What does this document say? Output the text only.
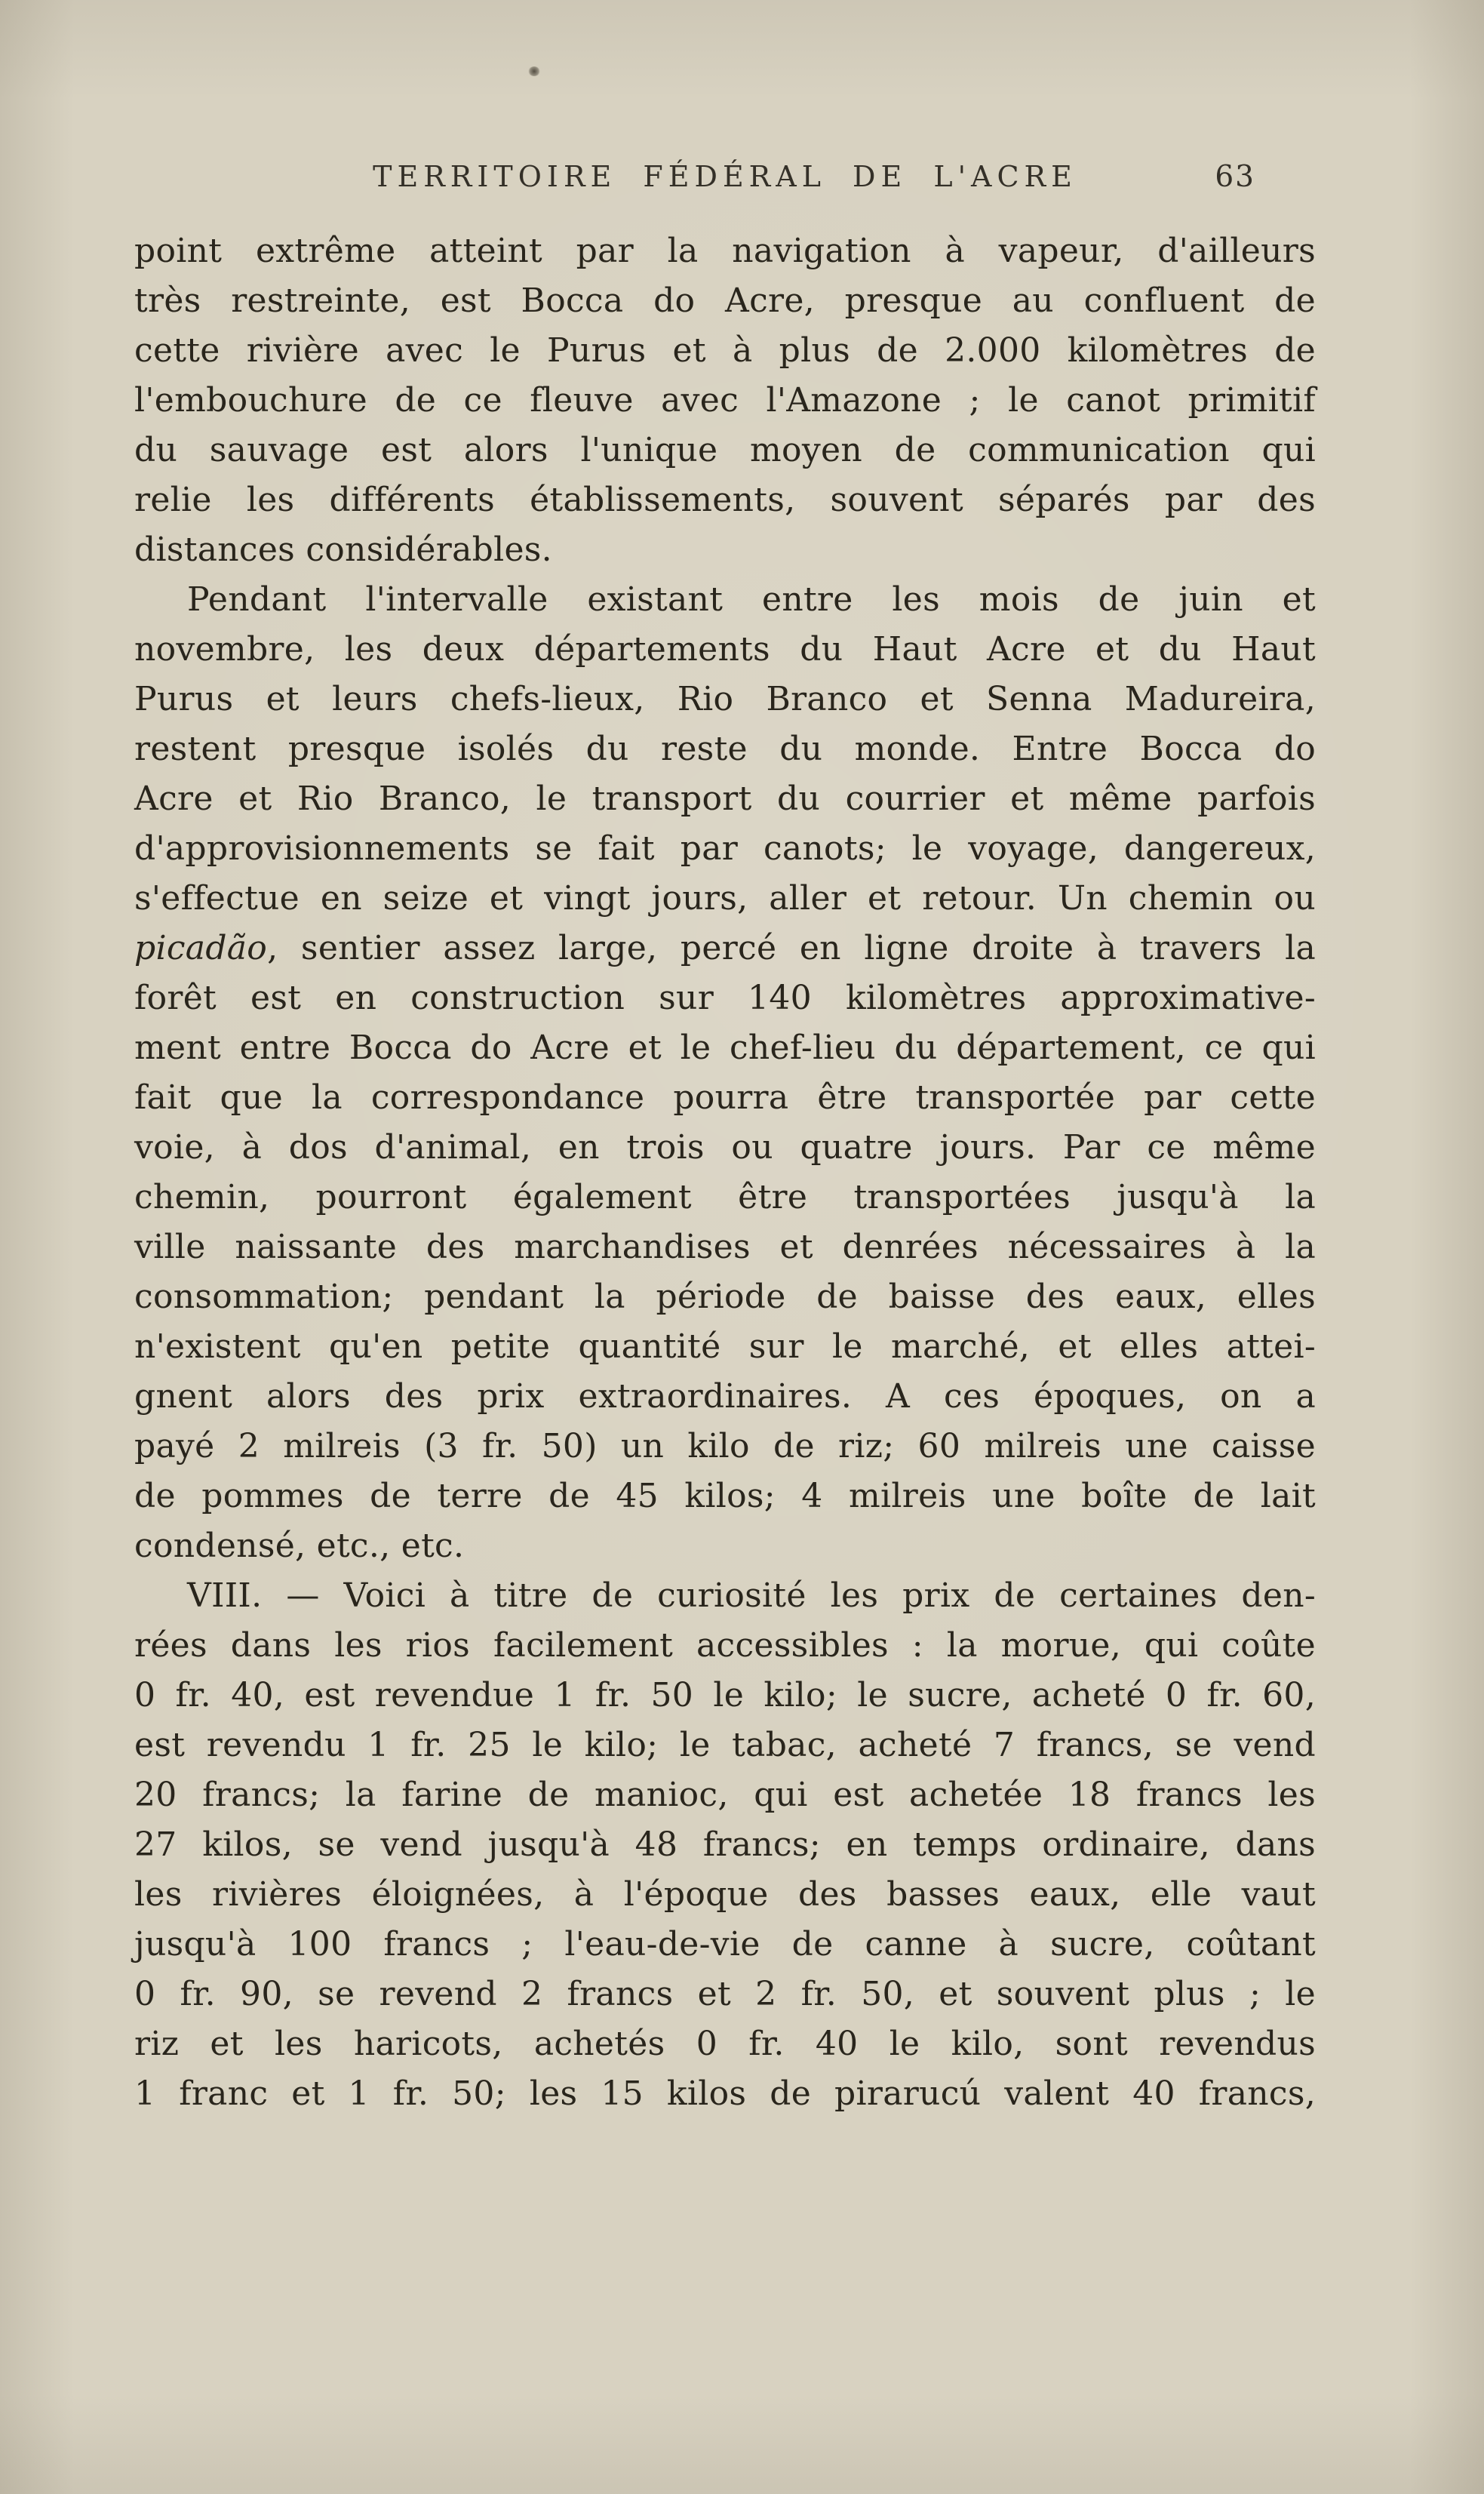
TERRITOIRE FÉDÉRAL DE L'ACRE	63
point extrême atteint par la navigation à vapeur, d'ailleurs
très restreinte, est Bocca do Acre, presque au confluent de
cette rivière avec le Purus et à plus de 2.000 kilomètres de
l'embouchure de ce fleuve avec l'Amazone ; le canot primitif
du sauvage est alors l'unique moyen de communication qui
relie les différents établissements, souvent séparés par des
distances considérables.
Pendant l'intervalle existant entre les mois de juin et
novembre, les deux départements du Haut Acre et du Haut
Purus et leurs chefs-lieux, Rio Branco et Senna Madureira,
restent presque isolés du reste du monde. Entre Bocca do
Acre et Rio Branco, le transport du courrier et même parfois
d'approvisionnements se fait par canots; le voyage, dangereux,
s'effectue en seize et vingt jours, aller et retour. Un chemin ou
picadão, sentier assez large, percé en ligne droite à travers la
forêt est en construction sur 140 kilomètres approximative-
ment entre Bocca do Acre et le chef-lieu du département, ce qui
fait que la correspondance pourra être transportée par cette
voie, à dos d'animal, en trois ou quatre jours. Par ce même
chemin, pourront également être transportées jusqu'à la
ville naissante des marchandises et denrées nécessaires à la
consommation; pendant la période de baisse des eaux, elles
n'existent qu'en petite quantité sur le marché, et elles attei-
gnent alors des prix extraordinaires. A ces époques, on a
payé 2 milreis (3 fr. 50) un kilo de riz; 60 milreis une caisse
de pommes de terre de 45 kilos; 4 milreis une boîte de lait
condensé, etc., etc.
VIII. — Voici à titre de curiosité les prix de certaines den-
rées dans les rios facilement accessibles : la morue, qui coûte
0 fr. 40, est revendue 1 fr. 50 le kilo; le sucre, acheté 0 fr. 60,
est revendu 1 fr. 25 le kilo; le tabac, acheté 7 francs, se vend
20 francs; la farine de manioc, qui est achetée 18 francs les
27 kilos, se vend jusqu'à 48 francs; en temps ordinaire, dans
les rivières éloignées, à l'époque des basses eaux, elle vaut
jusqu'à 100 francs ; l'eau-de-vie de canne à sucre, coûtant
0 fr. 90, se revend 2 francs et 2 fr. 50, et souvent plus ; le
riz et les haricots, achetés 0 fr. 40 le kilo, sont revendus
1 franc et 1 fr. 50; les 15 kilos de pirarucú valent 40 francs,
